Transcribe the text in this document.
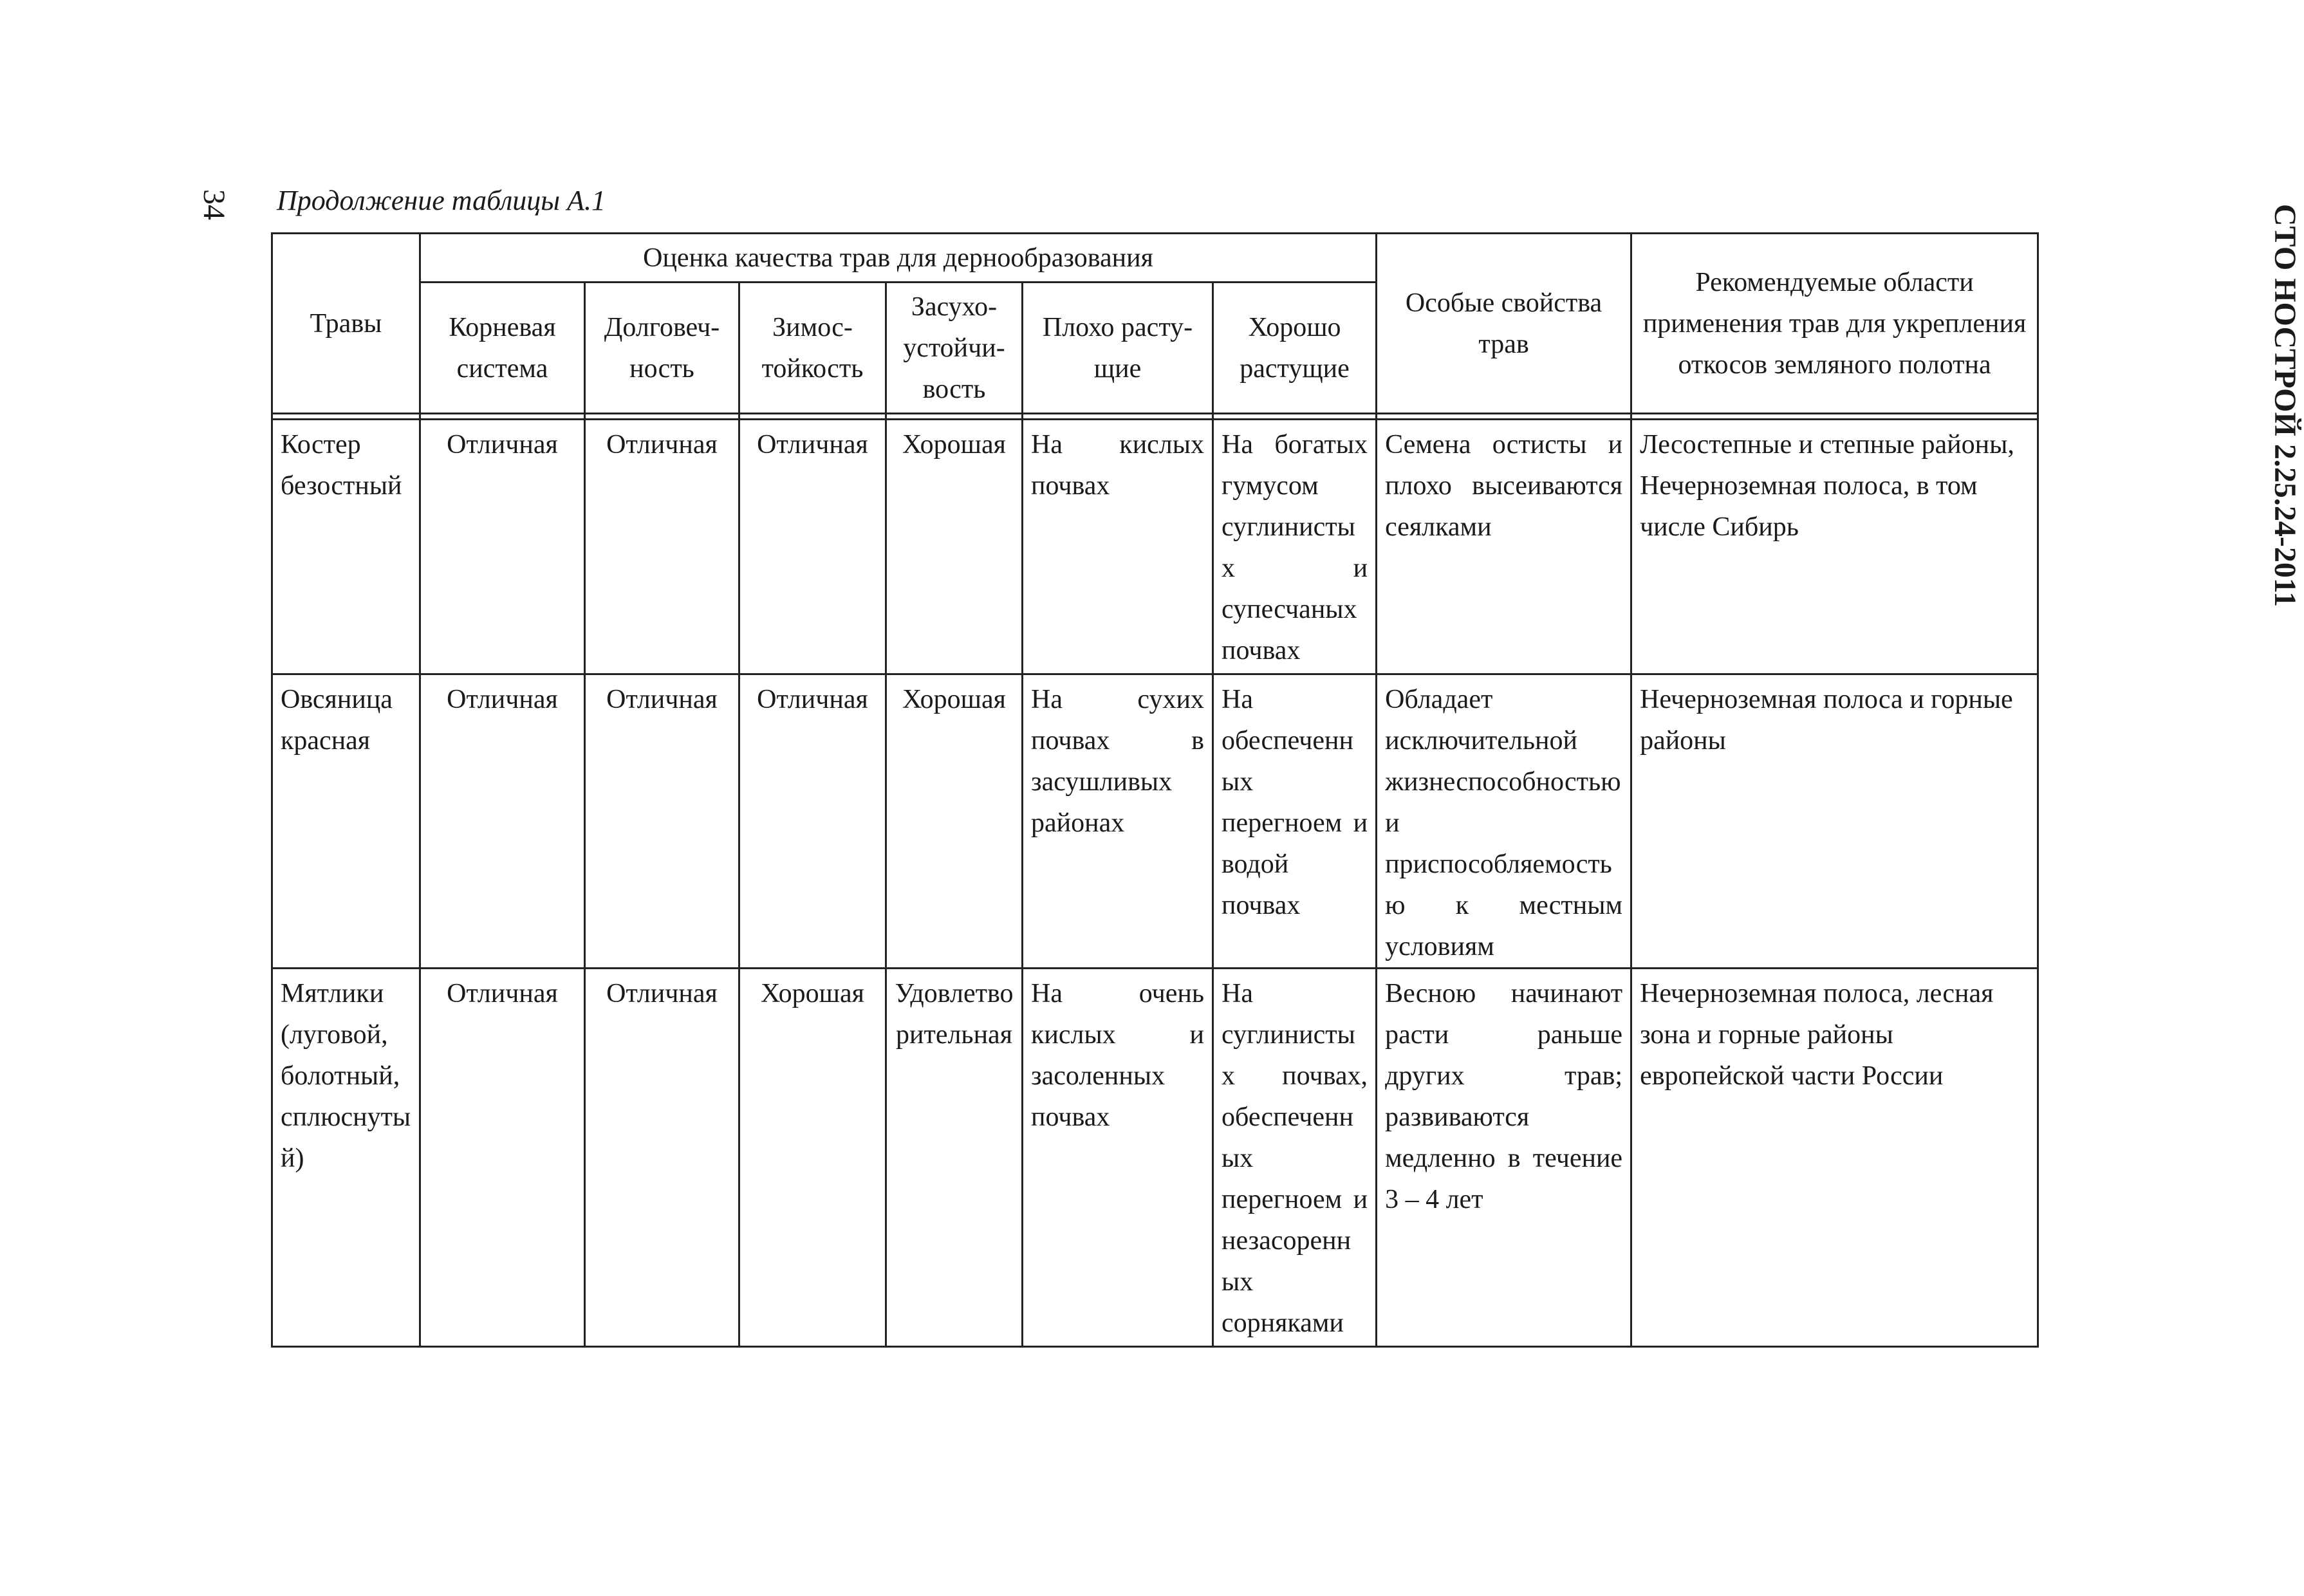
34	СТО НОСТРОЙ 2.25.24-2011
Продолжение таблицы А.1
Травы	Оценка качества трав для дернообразования						Особые свойства трав	Рекомендуемые области применения трав для укрепления откосов земляного полотна
	Корневая система	Долговеч-ность	Зимос-тойкость	Засухо-устойчи-вость	Плохо расту-щие	Хорошо растущие		

Костер безостный	Отличная	Отличная	Отличная	Хорошая	На кислых почвах	На богатых гумусом суглинистых и супесчаных почвах	Семена остисты и плохо высеиваются сеялками	Лесостепные и степные районы, Нечерноземная полоса, в том числе Сибирь

Овсяница красная	Отличная	Отличная	Отличная	Хорошая	На сухих почвах в засушливых районах	На обеспеченных перегноем и водой почвах	Обладает исключительной жизнеспособностью и приспособляемостью к местным условиям	Нечерноземная полоса и горные районы

Мятлики (луговой, болотный, сплюснутый)	Отличная	Отличная	Хорошая	Удовлетворительная	На очень кислых и засоленных почвах	На суглинистых почвах, обеспеченных перегноем и незасоренных сорняками	Весною начинают расти раньше других трав; развиваются медленно в течение 3 – 4 лет	Нечерноземная полоса, лесная зона и горные районы европейской части России
